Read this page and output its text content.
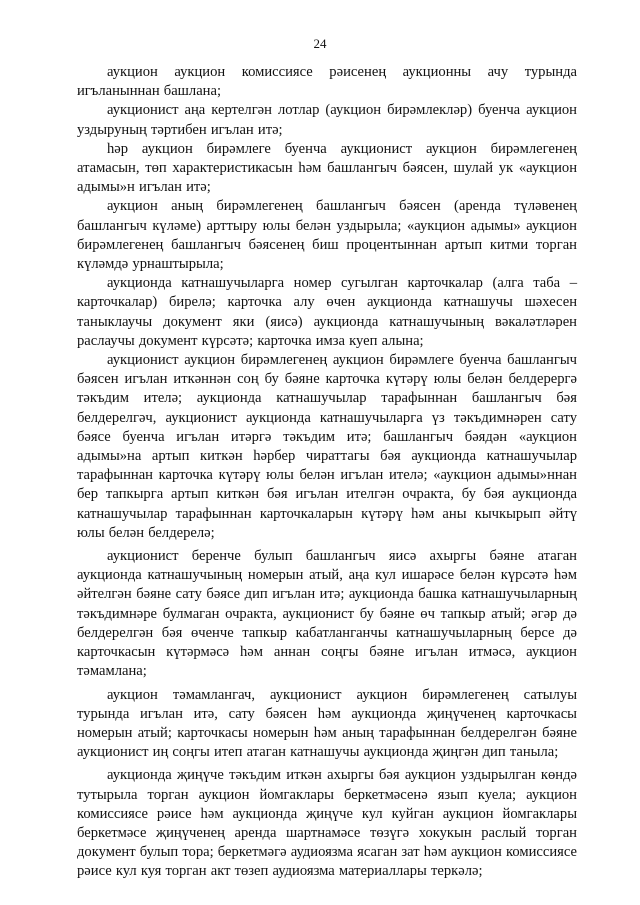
24

аукцион аукцион комиссиясе рәисенең аукционны ачу турында игъланыннан башлана;

аукционист аңа кертелгән лотлар (аукцион бирәмлекләр) буенча аукцион уздыруның тәртибен игълан итә;

һәр аукцион бирәмлеге буенча аукционист аукцион бирәмлегенең атамасын, төп характеристикасын һәм башлангыч бәясен, шулай ук «аукцион адымы»н игълан итә;

аукцион аның бирәмлегенең башлангыч бәясен (аренда түләвенең башлангыч күләме) арттыру юлы белән уздырыла; «аукцион адымы» аукцион бирәмлегенең башлангыч бәясенең биш процентыннан артып китми торган күләмдә урнаштырыла;

аукционда катнашучыларга номер сугылган карточкалар (алга таба – карточкалар) бирелә; карточка алу өчен аукционда катнашучы шәхесен таныклаучы документ яки (яисә) аукционда катнашучының вәкаләтләрен раслаучы документ күрсәтә; карточка имза куеп алына;

аукционист аукцион бирәмлегенең аукцион бирәмлеге буенча башлангыч бәясен игълан иткәннән соң бу бәяне карточка күтәрү юлы белән белдерергә тәкъдим ителә; аукционда катнашучылар тарафыннан башлангыч бәя белдерелгәч, аукционист аукционда катнашучыларга үз тәкъдимнәрен сату бәясе буенча игълан итәргә тәкъдим итә; башлангыч бәядән «аукцион адымы»на артып киткән һәрбер чираттагы бәя аукционда катнашучылар тарафыннан карточка күтәрү юлы белән игълан ителә; «аукцион адымы»ннан бер тапкырга артып киткән бәя игълан ителгән очракта, бу бәя аукционда катнашучылар тарафыннан карточкаларын күтәрү һәм аны кычкырып әйтү юлы белән белдерелә;

аукционист беренче булып башлангыч яисә ахыргы бәяне атаган аукционда катнашучының номерын атый, аңа кул ишарәсе белән күрсәтә һәм әйтелгән бәяне сату бәясе дип игълан итә; аукционда башка катнашучыларның тәкъдимнәре булмаган очракта, аукционист бу бәяне өч тапкыр атый; әгәр дә белдерелгән бәя өченче тапкыр кабатланганчы катнашучыларның берсе дә карточкасын күтәрмәсә һәм аннан соңгы бәяне игълан итмәсә, аукцион тәмамлана;

аукцион тәмамлангач, аукционист аукцион бирәмлегенең сатылуы турында игълан итә, сату бәясен һәм аукционда җиңүченең карточкасы номерын атый; карточкасы номерын һәм аның тарафыннан белдерелгән бәяне аукционист иң соңгы итеп атаган катнашучы аукционда җиңгән дип таныла;

аукционда җиңүче тәкъдим иткән ахыргы бәя аукцион уздырылган көндә тутырыла торган аукцион йомгаклары беркетмәсенә язып куела; аукцион комиссиясе рәисе һәм аукционда җиңүче кул куйган аукцион йомгаклары беркетмәсе җиңүченең аренда шартнамәсе төзүгә хокукын раслый торган документ булып тора; беркетмәгә аудиоязма ясаган зат һәм аукцион комиссиясе рәисе кул куя торган акт төзеп аудиоязма материаллары теркәлә;
